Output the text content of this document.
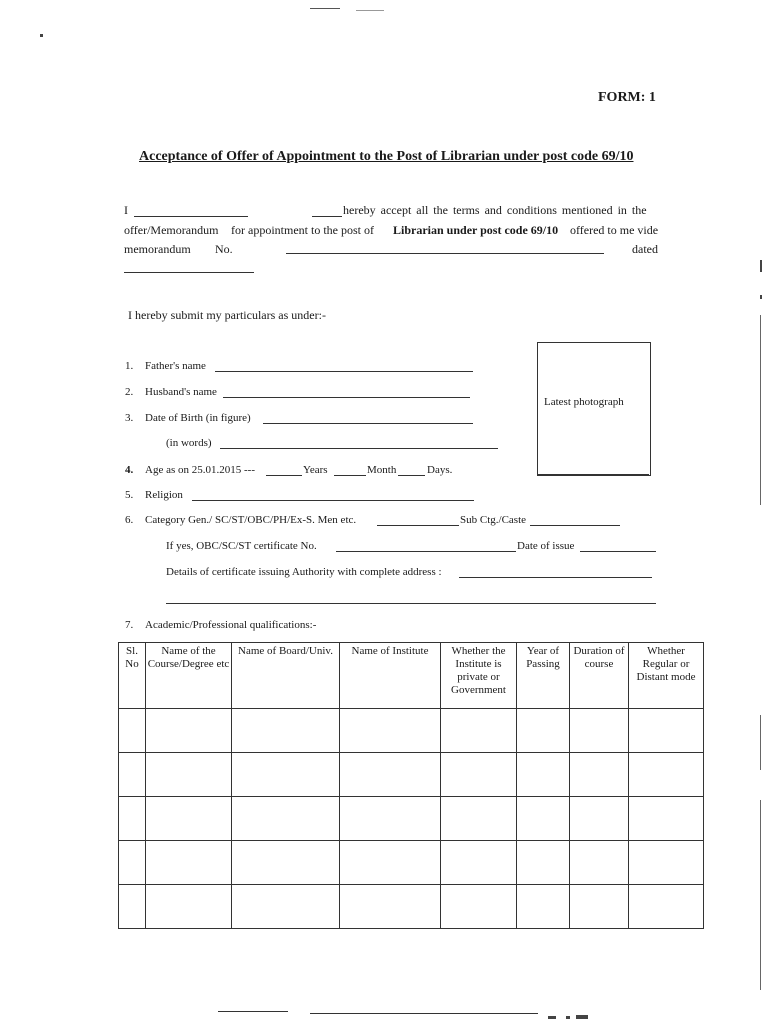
FORM: 1
Acceptance of Offer of Appointment to the Post of Librarian under post code 69/10
I	hereby accept all the terms and conditions mentioned in the
offer/Memorandum for appointment to the post of Librarian under post code 69/10 offered to me vide
memorandum No.	dated
I hereby submit my particulars as under:-
Latest photograph
1. Father's name
2. Husband's name
3. Date of Birth (in figure)
(in words)
4. Age as on 25.01.2015 ---	Years	Month	Days.
5. Religion
6. Category Gen./ SC/ST/OBC/PH/Ex-S. Men etc.	Sub Ctg./Caste
If yes, OBC/SC/ST certificate No.	Date of issue
Details of certificate issuing Authority with complete address :
7. Academic/Professional qualifications:-
Sl. No	Name of the Course/Degree etc	Name of Board/Univ.	Name of Institute	Whether the Institute is private or Government	Year of Passing	Duration of course	Whether Regular or Distant mode
